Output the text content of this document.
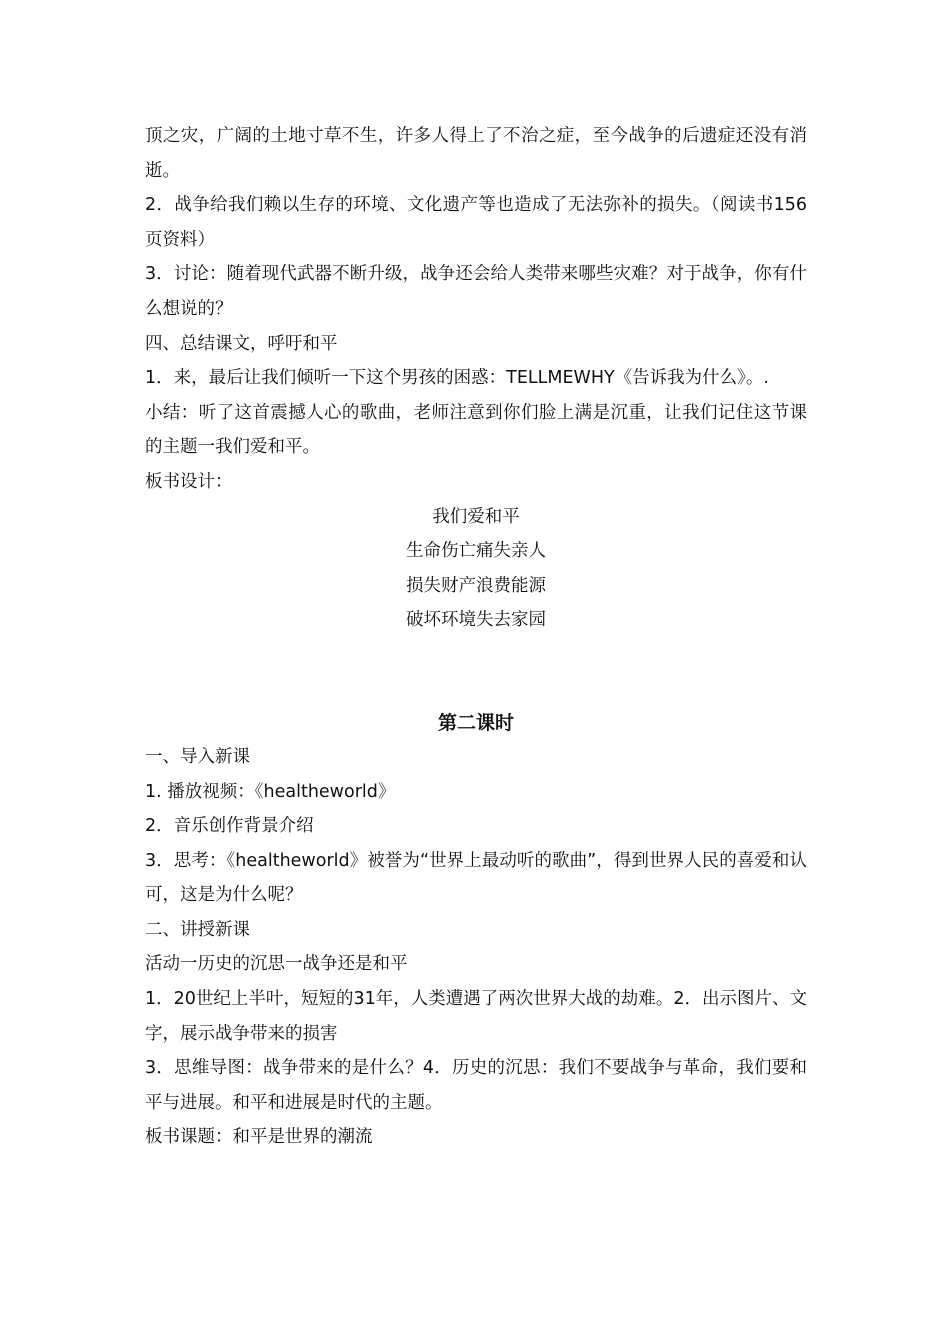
顶之灾，广阔的土地寸草不生，许多人得上了不治之症，至今战争的后遗症还没有消逝。

2．战争给我们赖以生存的环境、文化遗产等也造成了无法弥补的损失。（阅读书156页资料）

3．讨论：随着现代武器不断升级，战争还会给人类带来哪些灾难？对于战争，你有什么想说的？

四、总结课文，呼吁和平

1．来，最后让我们倾听一下这个男孩的困惑：TELLMEWHY《告诉我为什么》。.

小结：听了这首震撼人心的歌曲，老师注意到你们脸上满是沉重，让我们记住这节课的主题一我们爱和平。

板书设计：

我们爱和平

生命伤亡痛失亲人

损失财产浪费能源

破坏环境失去家园

第二课时

一、导入新课

1. 播放视频：《healtheworld》

2．音乐创作背景介绍

3．思考：《healtheworld》被誉为“世界上最动听的歌曲”，得到世界人民的喜爱和认可，这是为什么呢？

二、讲授新课

活动一历史的沉思一战争还是和平

1．20世纪上半叶，短短的31年，人类遭遇了两次世界大战的劫难。2．出示图片、文字，展示战争带来的损害

3．思维导图：战争带来的是什么？4．历史的沉思：我们不要战争与革命，我们要和平与进展。和平和进展是时代的主题。

板书课题：和平是世界的潮流
